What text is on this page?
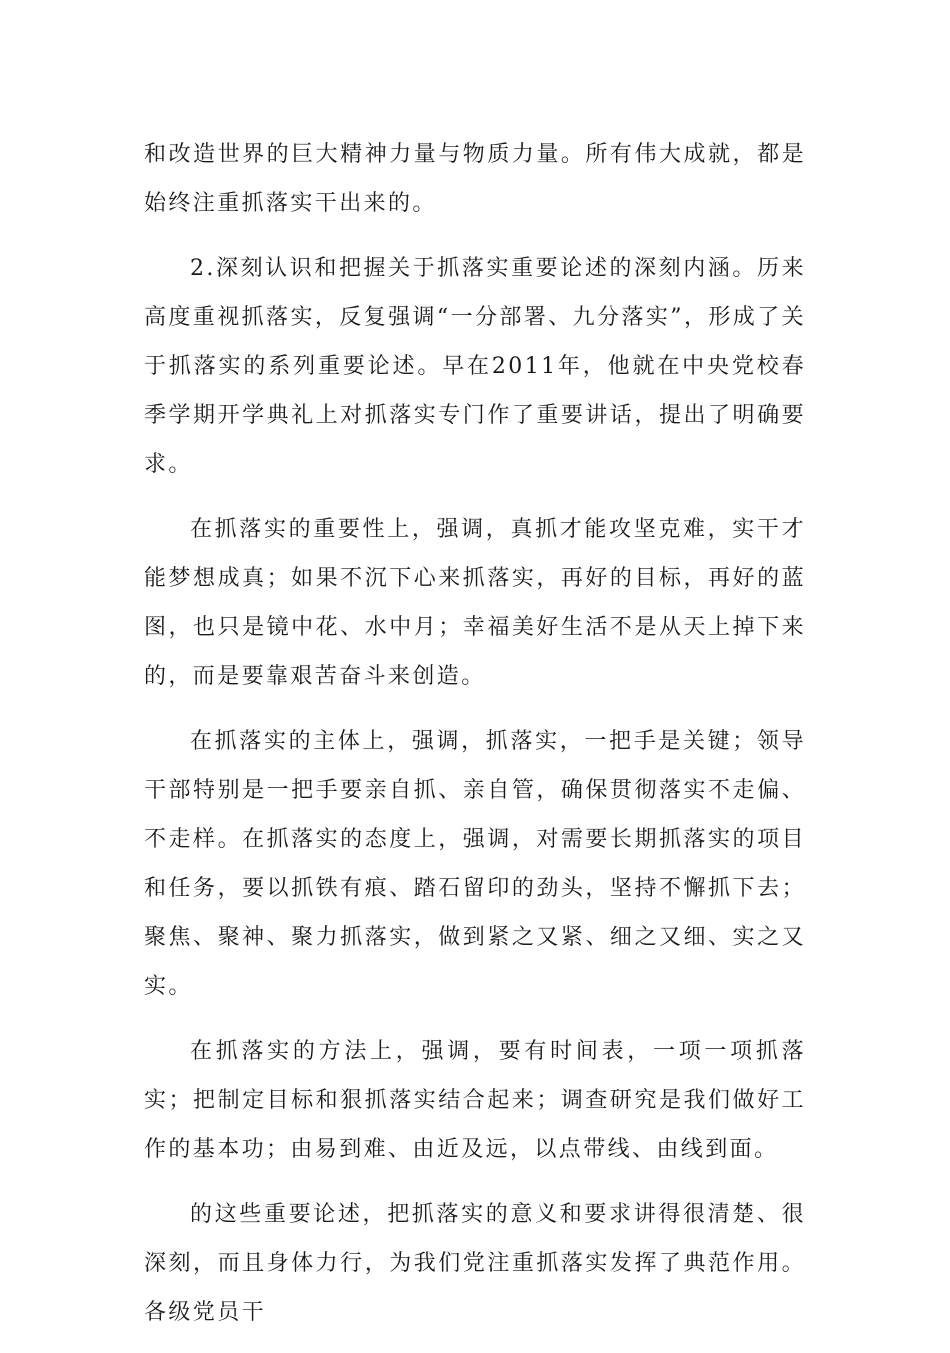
和改造世界的巨大精神力量与物质力量。所有伟大成就，都是始终注重抓落实干出来的。

2.深刻认识和把握关于抓落实重要论述的深刻内涵。历来高度重视抓落实，反复强调“一分部署、九分落实”，形成了关于抓落实的系列重要论述。早在2011年，他就在中央党校春季学期开学典礼上对抓落实专门作了重要讲话，提出了明确要求。

在抓落实的重要性上，强调，真抓才能攻坚克难，实干才能梦想成真；如果不沉下心来抓落实，再好的目标，再好的蓝图，也只是镜中花、水中月；幸福美好生活不是从天上掉下来的，而是要靠艰苦奋斗来创造。

在抓落实的主体上，强调，抓落实，一把手是关键；领导干部特别是一把手要亲自抓、亲自管，确保贯彻落实不走偏、不走样。在抓落实的态度上，强调，对需要长期抓落实的项目和任务，要以抓铁有痕、踏石留印的劲头，坚持不懈抓下去；聚焦、聚神、聚力抓落实，做到紧之又紧、细之又细、实之又实。

在抓落实的方法上，强调，要有时间表，一项一项抓落实；把制定目标和狠抓落实结合起来；调查研究是我们做好工作的基本功；由易到难、由近及远，以点带线、由线到面。

的这些重要论述，把抓落实的意义和要求讲得很清楚、很深刻，而且身体力行，为我们党注重抓落实发挥了典范作用。各级党员干
